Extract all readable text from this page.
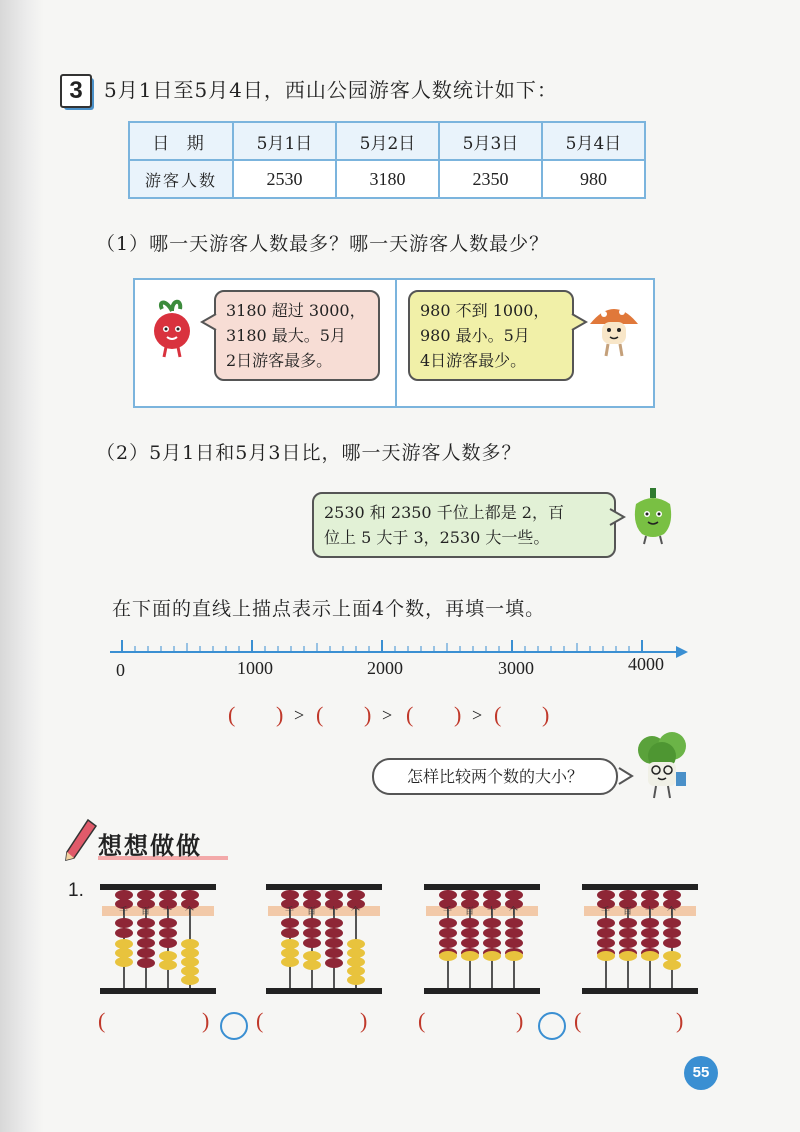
3	5月1日至5月4日，西山公园游客人数统计如下：
日 期	5月1日	5月2日	5月3日	5月4日
游客人数	2530	3180	2350	980
（1）哪一天游客人数最多？哪一天游客人数最少？
3180 超过 3000，
3180 最大。5月
2日游客最多。
980 不到 1000，
980 最小。5月
4日游客最少。
（2）5月1日和5月3日比，哪一天游客人数多？
2530 和 2350 千位上都是 2，百
位上 5 大于 3，2530 大一些。
在下面的直线上描点表示上面4个数，再填一填。
0	1000	2000	3000	4000
( ) > ( ) > ( ) > ( )
怎样比较两个数的大小？
想想做做
1.
千 百 十 个	千 百 十 个	千 百 十 个	千 百 十 个
(	) (	) (	) (	)
55
